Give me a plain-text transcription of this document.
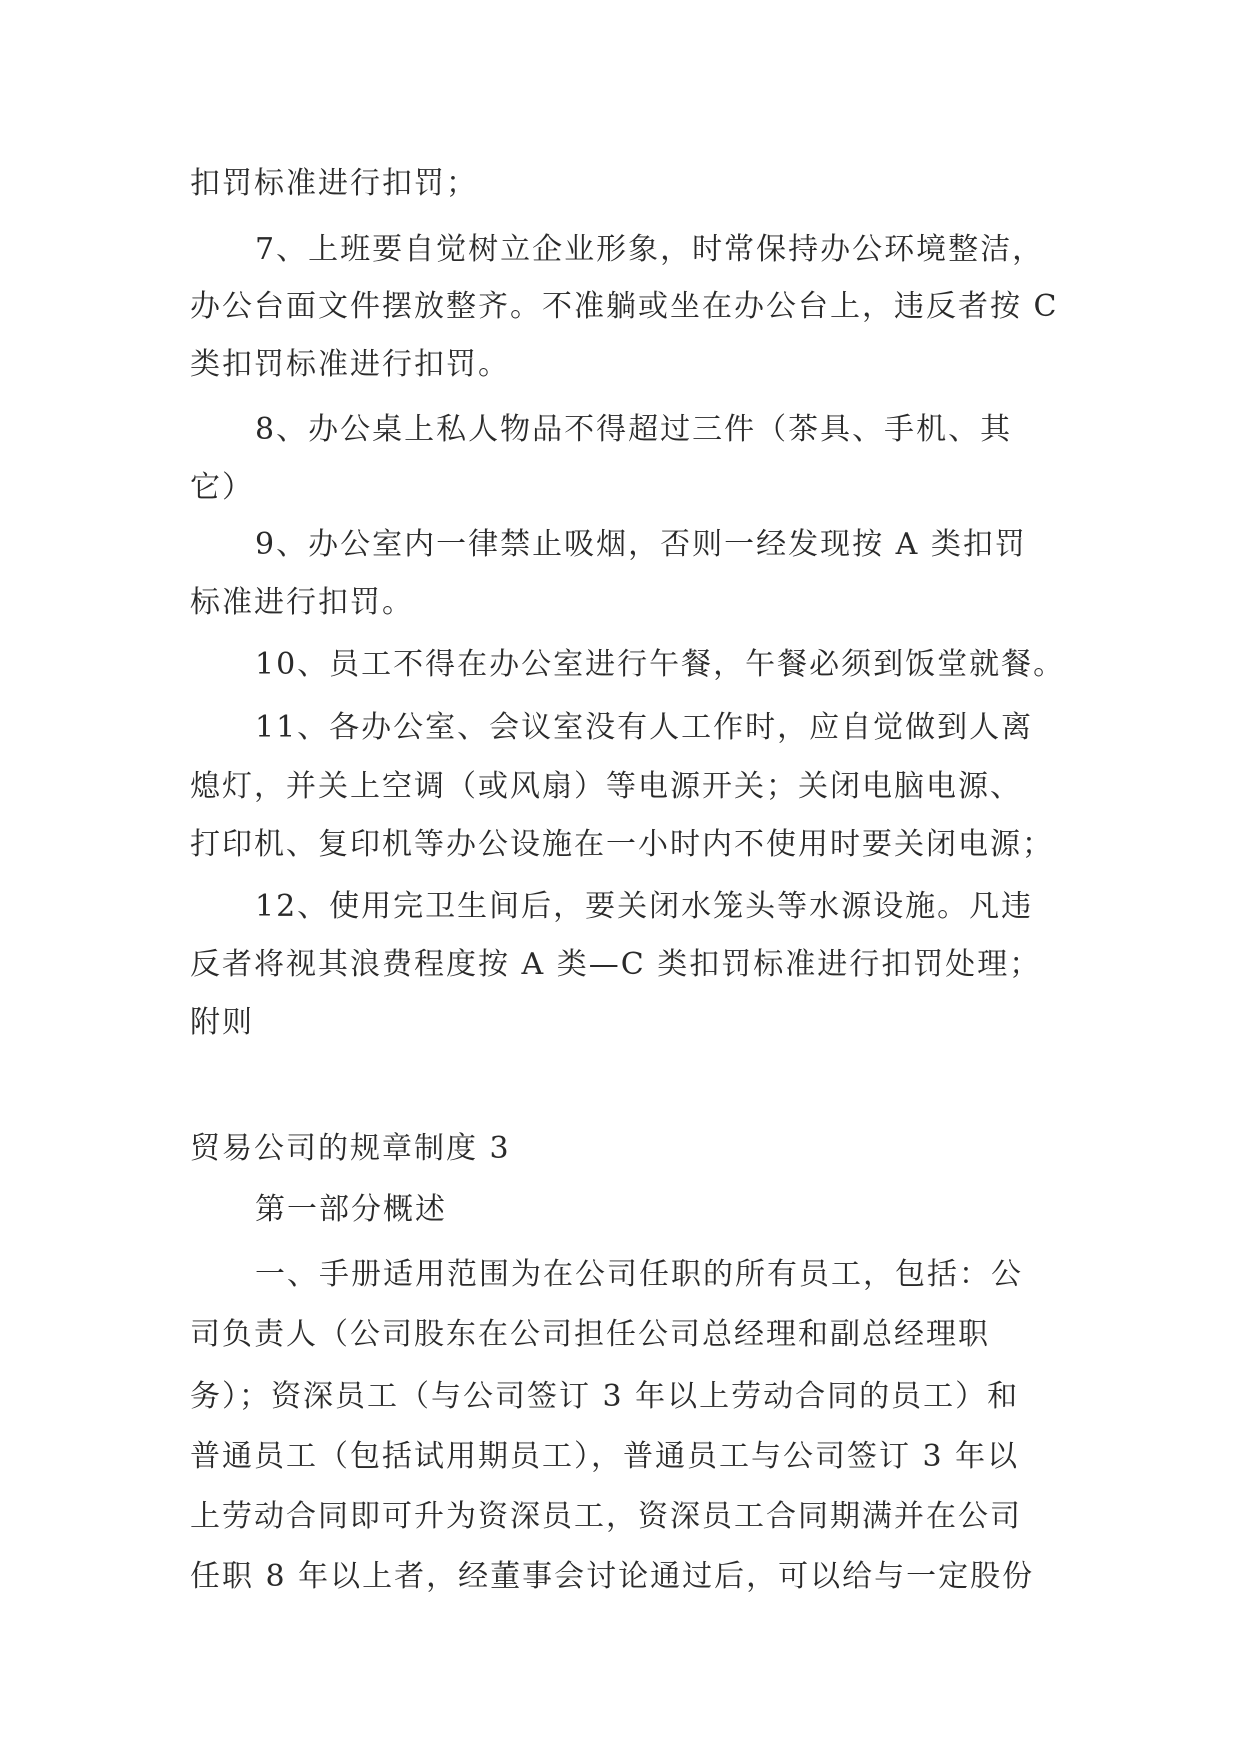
扣罚标准进行扣罚；
7、上班要自觉树立企业形象，时常保持办公环境整洁，
办公台面文件摆放整齐。不准躺或坐在办公台上，违反者按 C
类扣罚标准进行扣罚。
8、办公桌上私人物品不得超过三件（茶具、手机、其
它）
9、办公室内一律禁止吸烟，否则一经发现按 A 类扣罚
标准进行扣罚。
10、员工不得在办公室进行午餐，午餐必须到饭堂就餐。
11、各办公室、会议室没有人工作时，应自觉做到人离
熄灯，并关上空调（或风扇）等电源开关；关闭电脑电源、
打印机、复印机等办公设施在一小时内不使用时要关闭电源；
12、使用完卫生间后，要关闭水笼头等水源设施。凡违
反者将视其浪费程度按 A 类—C 类扣罚标准进行扣罚处理；
附则
贸易公司的规章制度 3
第一部分概述
一、手册适用范围为在公司任职的所有员工，包括：公
司负责人（公司股东在公司担任公司总经理和副总经理职
务）；资深员工（与公司签订 3 年以上劳动合同的员工）和
普通员工（包括试用期员工），普通员工与公司签订 3 年以
上劳动合同即可升为资深员工，资深员工合同期满并在公司
任职 8 年以上者，经董事会讨论通过后，可以给与一定股份
